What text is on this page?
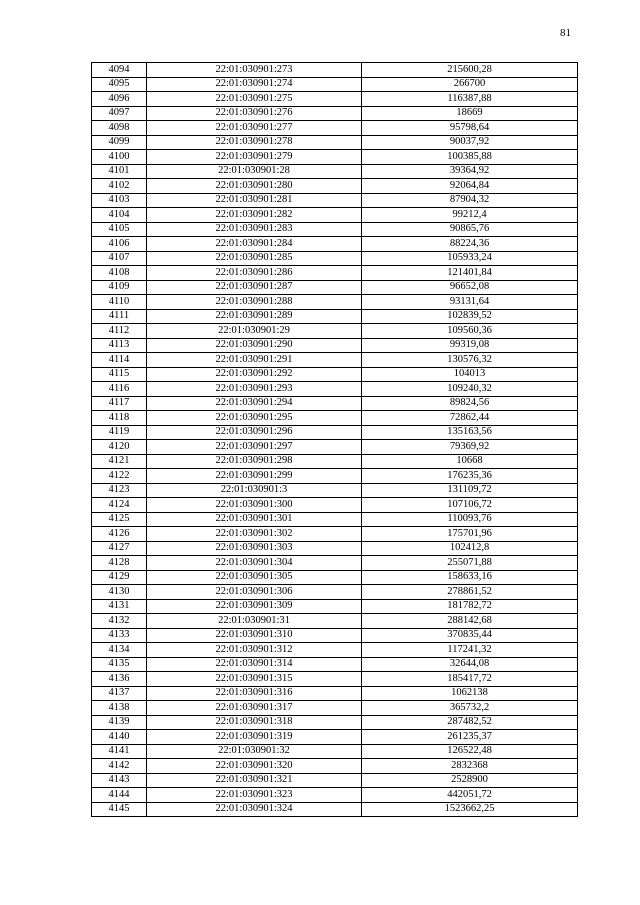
81
4094	22:01:030901:273	215600,28
4095	22:01:030901:274	266700
4096	22:01:030901:275	116387,88
4097	22:01:030901:276	18669
4098	22:01:030901:277	95798,64
4099	22:01:030901:278	90037,92
4100	22:01:030901:279	100385,88
4101	22:01:030901:28	39364,92
4102	22:01:030901:280	92064,84
4103	22:01:030901:281	87904,32
4104	22:01:030901:282	99212,4
4105	22:01:030901:283	90865,76
4106	22:01:030901:284	88224,36
4107	22:01:030901:285	105933,24
4108	22:01:030901:286	121401,84
4109	22:01:030901:287	96652,08
4110	22:01:030901:288	93131,64
4111	22:01:030901:289	102839,52
4112	22:01:030901:29	109560,36
4113	22:01:030901:290	99319,08
4114	22:01:030901:291	130576,32
4115	22:01:030901:292	104013
4116	22:01:030901:293	109240,32
4117	22:01:030901:294	89824,56
4118	22:01:030901:295	72862,44
4119	22:01:030901:296	135163,56
4120	22:01:030901:297	79369,92
4121	22:01:030901:298	10668
4122	22:01:030901:299	176235,36
4123	22:01:030901:3	131109,72
4124	22:01:030901:300	107106,72
4125	22:01:030901:301	110093,76
4126	22:01:030901:302	175701,96
4127	22:01:030901:303	102412,8
4128	22:01:030901:304	255071,88
4129	22:01:030901:305	158633,16
4130	22:01:030901:306	278861,52
4131	22:01:030901:309	181782,72
4132	22:01:030901:31	288142,68
4133	22:01:030901:310	370835,44
4134	22:01:030901:312	117241,32
4135	22:01:030901:314	32644,08
4136	22:01:030901:315	185417,72
4137	22:01:030901:316	1062138
4138	22:01:030901:317	365732,2
4139	22:01:030901:318	287482,52
4140	22:01:030901:319	261235,37
4141	22:01:030901:32	126522,48
4142	22:01:030901:320	2832368
4143	22:01:030901:321	2528900
4144	22:01:030901:323	442051,72
4145	22:01:030901:324	1523662,25
